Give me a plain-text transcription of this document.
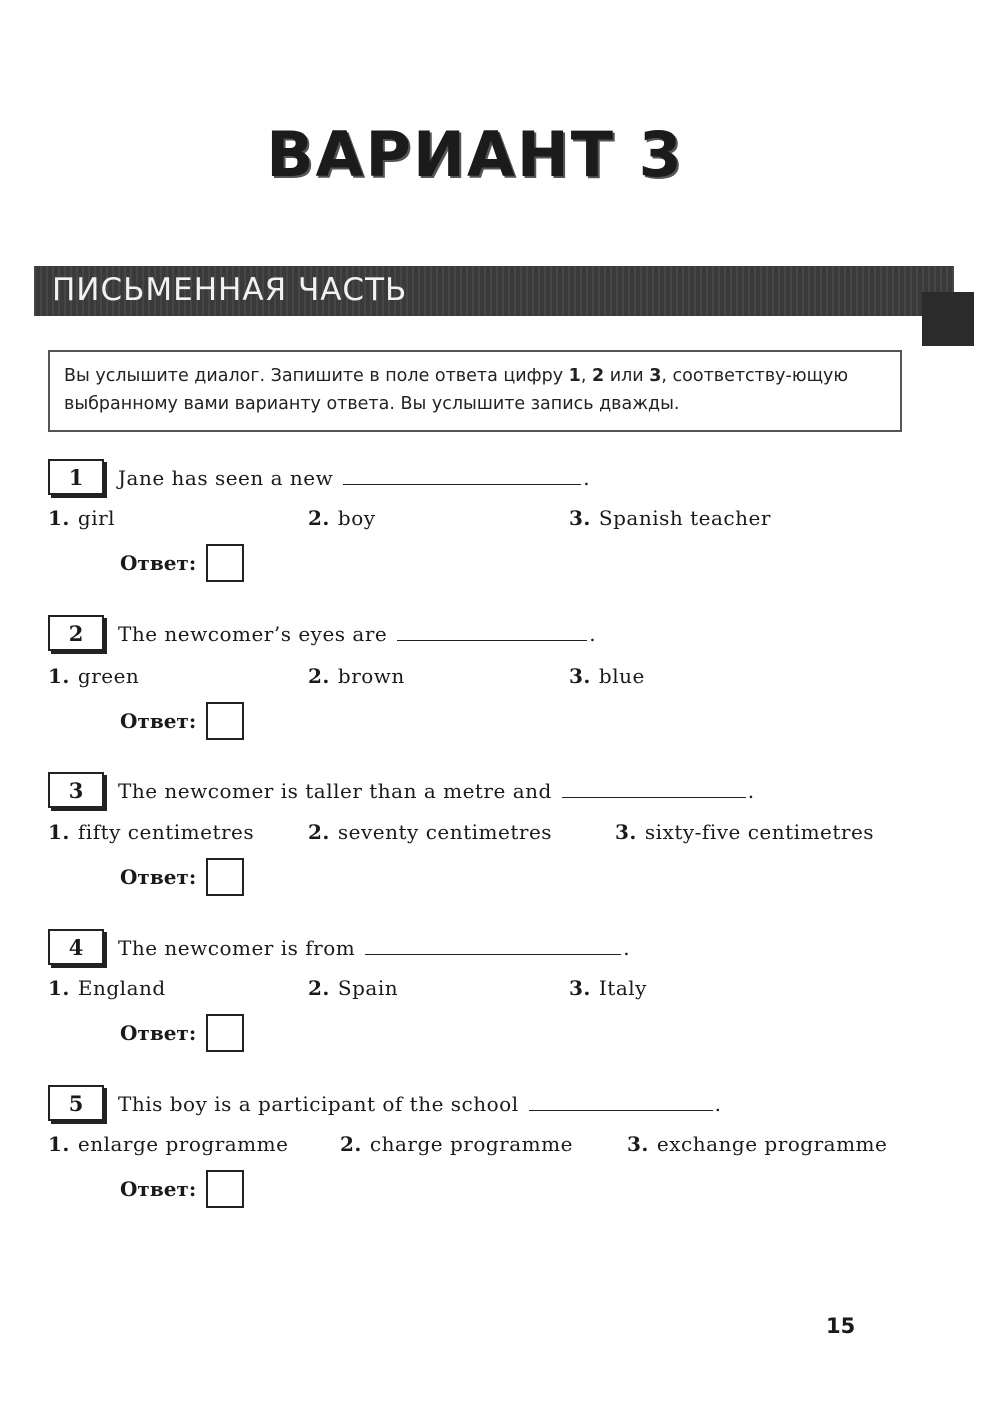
ВАРИАНТ 3
ПИСЬМЕННАЯ ЧАСТЬ
Вы услышите диалог. Запишите в поле ответа цифру 1, 2 или 3, соответству-ющую выбранному вами варианту ответа. Вы услышите запись дважды.
1	Jane has seen a new	.
1. girl	2. boy	3. Spanish teacher
Ответ:
2	The newcomer’s eyes are	.
1. green	2. brown	3. blue
Ответ:
3	The newcomer is taller than a metre and	.
1. fifty centimetres	2. seventy centimetres	3. sixty-five centimetres
Ответ:
4	The newcomer is from	.
1. England	2. Spain	3. Italy
Ответ:
5	This boy is a participant of the school	.
1. enlarge programme	2. charge programme	3. exchange programme
Ответ:
15
